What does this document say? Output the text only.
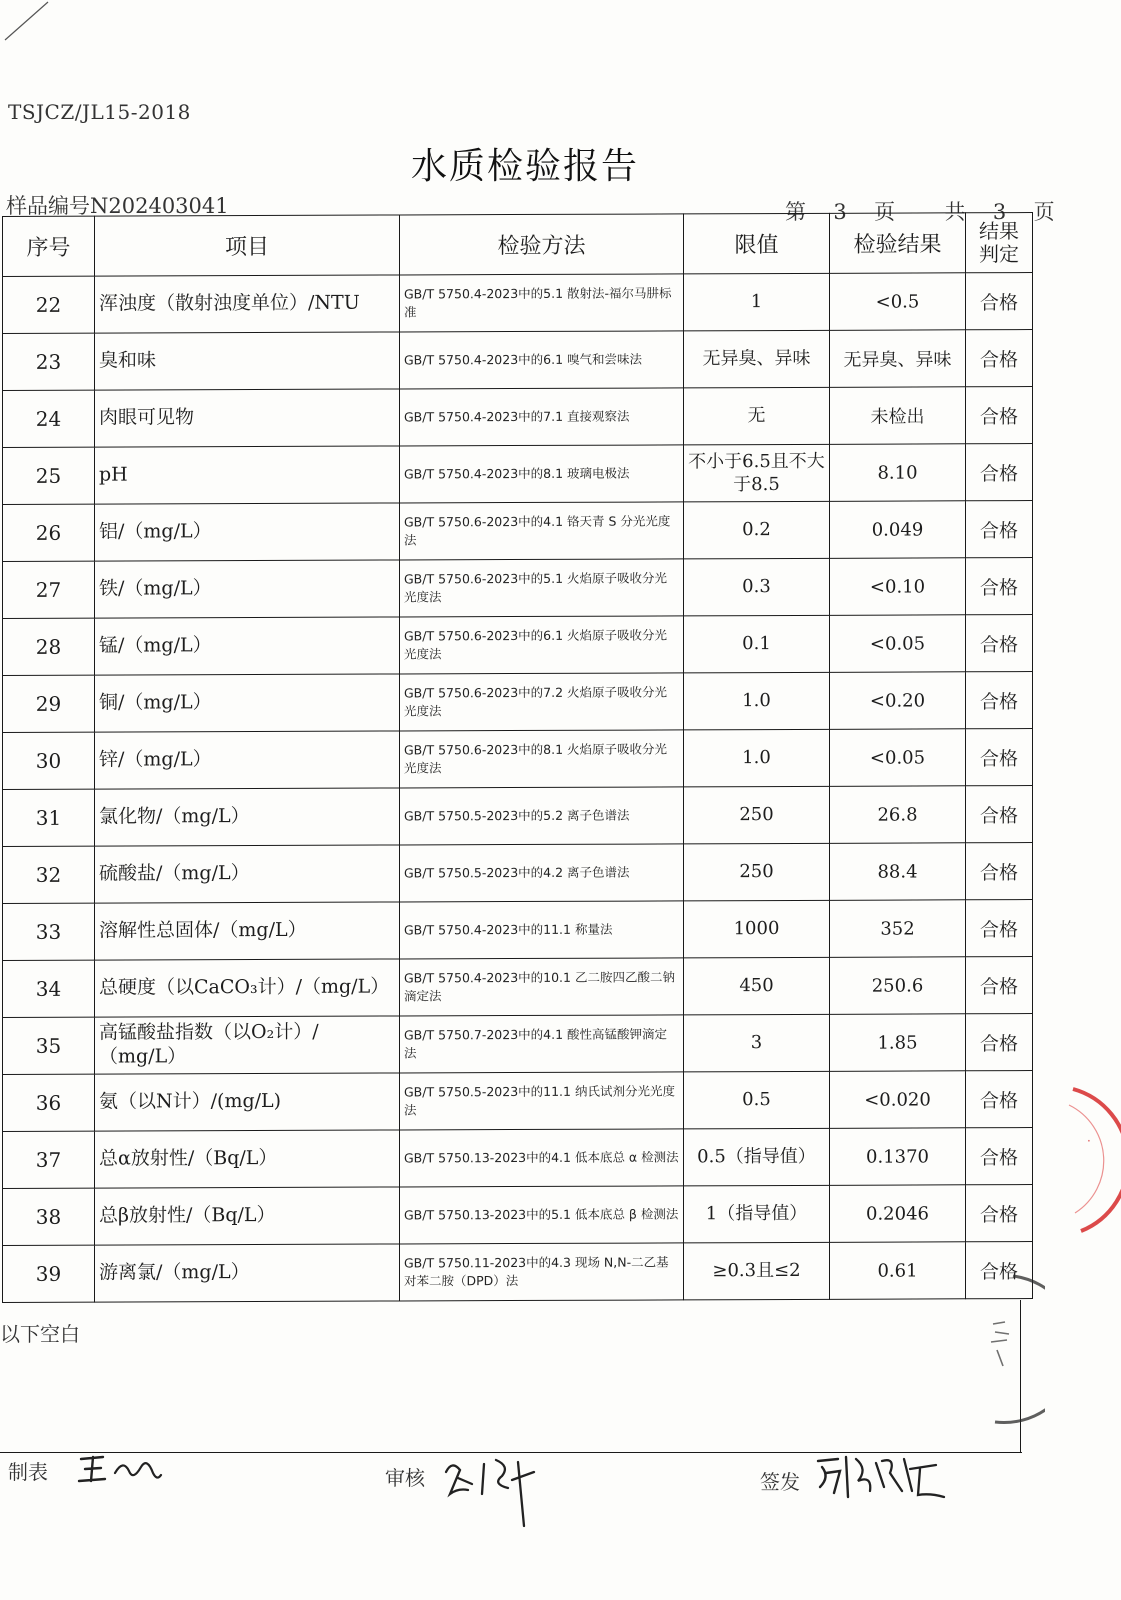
TSJCZ/JL15-2018
水质检验报告
样品编号N202403041	第 3 页 共 3 页
序号	项目	检验方法	限值	检验结果	结果判定
22	浑浊度（散射浊度单位）/NTU	GB/T 5750.4-2023中的5.1 散射法-福尔马肼标准	1	<0.5	合格
23	臭和味	GB/T 5750.4-2023中的6.1 嗅气和尝味法	无异臭、异味	无异臭、异味	合格
24	肉眼可见物	GB/T 5750.4-2023中的7.1 直接观察法	无	未检出	合格
25	pH	GB/T 5750.4-2023中的8.1 玻璃电极法	不小于6.5且不大于8.5	8.10	合格
26	铝/（mg/L）	GB/T 5750.6-2023中的4.1 铬天青 S 分光光度法	0.2	0.049	合格
27	铁/（mg/L）	GB/T 5750.6-2023中的5.1 火焰原子吸收分光光度法	0.3	<0.10	合格
28	锰/（mg/L）	GB/T 5750.6-2023中的6.1 火焰原子吸收分光光度法	0.1	<0.05	合格
29	铜/（mg/L）	GB/T 5750.6-2023中的7.2 火焰原子吸收分光光度法	1.0	<0.20	合格
30	锌/（mg/L）	GB/T 5750.6-2023中的8.1 火焰原子吸收分光光度法	1.0	<0.05	合格
31	氯化物/（mg/L）	GB/T 5750.5-2023中的5.2 离子色谱法	250	26.8	合格
32	硫酸盐/（mg/L）	GB/T 5750.5-2023中的4.2 离子色谱法	250	88.4	合格
33	溶解性总固体/（mg/L）	GB/T 5750.4-2023中的11.1 称量法	1000	352	合格
34	总硬度（以CaCO₃计）/（mg/L）	GB/T 5750.4-2023中的10.1 乙二胺四乙酸二钠滴定法	450	250.6	合格
35	高锰酸盐指数（以O₂计）/（mg/L）	GB/T 5750.7-2023中的4.1 酸性高锰酸钾滴定法	3	1.85	合格
36	氨（以N计）/(mg/L)	GB/T 5750.5-2023中的11.1 纳氏试剂分光光度法	0.5	<0.020	合格
37	总α放射性/（Bq/L）	GB/T 5750.13-2023中的4.1 低本底总 α 检测法	0.5（指导值）	0.1370	合格
38	总β放射性/（Bq/L）	GB/T 5750.13-2023中的5.1 低本底总 β 检测法	1（指导值）	0.2046	合格
39	游离氯/（mg/L）	GB/T 5750.11-2023中的4.3 现场 N,N-二乙基对苯二胺（DPD）法	≥0.3且≤2	0.61	合格
以下空白
制表	审核	签发
·
